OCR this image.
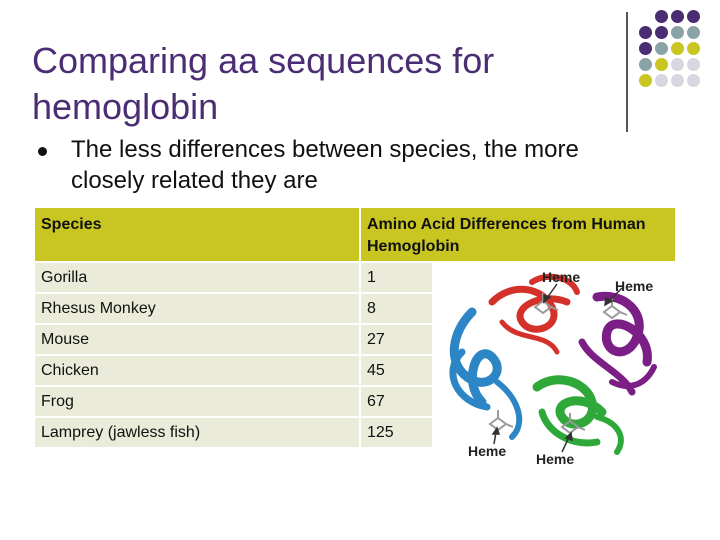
Comparing aa sequences for hemoglobin
The less differences between species, the more closely related they are
Species	Amino Acid Differences from Human Hemoglobin
Gorilla	1
Rhesus Monkey	8
Mouse	27
Chicken	45
Frog	67
Lamprey (jawless fish)	125
Heme
Heme
Heme Heme
